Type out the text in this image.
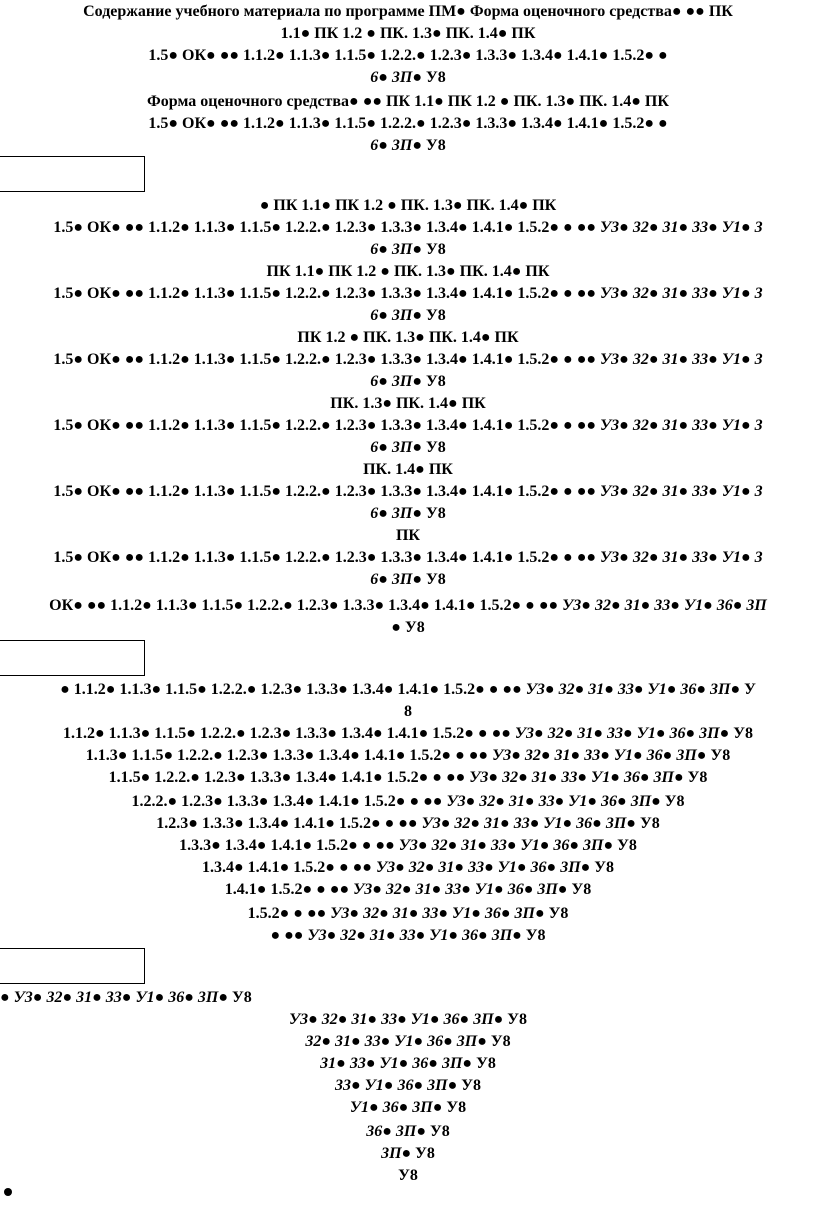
Содержание учебного материала по программе ПМ● Форма оценочного средства● ●● ПК
1.1● ПК 1.2 ● ПК. 1.3● ПК. 1.4● ПК
1.5● ОК● ●● 1.1.2● 1.1.3● 1.1.5● 1.2.2.● 1.2.3● 1.3.3● 1.3.4● 1.4.1● 1.5.2● ●
6● 3П● У8
Форма оценочного средства● ●● ПК 1.1● ПК 1.2 ● ПК. 1.3● ПК. 1.4● ПК
1.5● ОК● ●● 1.1.2● 1.1.3● 1.1.5● 1.2.2.● 1.2.3● 1.3.3● 1.3.4● 1.4.1● 1.5.2● ●
6● 3П● У8
● ПК 1.1● ПК 1.2 ● ПК. 1.3● ПК. 1.4● ПК
1.5● ОК● ●● 1.1.2● 1.1.3● 1.1.5● 1.2.2.● 1.2.3● 1.3.3● 1.3.4● 1.4.1● 1.5.2● ● ●● У3● 32● 31● 33● У1● 3
6● 3П● У8
ПК 1.1● ПК 1.2 ● ПК. 1.3● ПК. 1.4● ПК
1.5● ОК● ●● 1.1.2● 1.1.3● 1.1.5● 1.2.2.● 1.2.3● 1.3.3● 1.3.4● 1.4.1● 1.5.2● ● ●● У3● 32● 31● 33● У1● 3
6● 3П● У8
ПК 1.2 ● ПК. 1.3● ПК. 1.4● ПК
1.5● ОК● ●● 1.1.2● 1.1.3● 1.1.5● 1.2.2.● 1.2.3● 1.3.3● 1.3.4● 1.4.1● 1.5.2● ● ●● У3● 32● 31● 33● У1● 3
6● 3П● У8
ПК. 1.3● ПК. 1.4● ПК
1.5● ОК● ●● 1.1.2● 1.1.3● 1.1.5● 1.2.2.● 1.2.3● 1.3.3● 1.3.4● 1.4.1● 1.5.2● ● ●● У3● 32● 31● 33● У1● 3
6● 3П● У8
ПК. 1.4● ПК
1.5● ОК● ●● 1.1.2● 1.1.3● 1.1.5● 1.2.2.● 1.2.3● 1.3.3● 1.3.4● 1.4.1● 1.5.2● ● ●● У3● 32● 31● 33● У1● 3
6● 3П● У8
ПК
1.5● ОК● ●● 1.1.2● 1.1.3● 1.1.5● 1.2.2.● 1.2.3● 1.3.3● 1.3.4● 1.4.1● 1.5.2● ● ●● У3● 32● 31● 33● У1● 3
6● 3П● У8
ОК● ●● 1.1.2● 1.1.3● 1.1.5● 1.2.2.● 1.2.3● 1.3.3● 1.3.4● 1.4.1● 1.5.2● ● ●● У3● 32● 31● 33● У1● 36● 3П
● У8
● 1.1.2● 1.1.3● 1.1.5● 1.2.2.● 1.2.3● 1.3.3● 1.3.4● 1.4.1● 1.5.2● ● ●● У3● 32● 31● 33● У1● 36● 3П● У
8
1.1.2● 1.1.3● 1.1.5● 1.2.2.● 1.2.3● 1.3.3● 1.3.4● 1.4.1● 1.5.2● ● ●● У3● 32● 31● 33● У1● 36● 3П● У8
1.1.3● 1.1.5● 1.2.2.● 1.2.3● 1.3.3● 1.3.4● 1.4.1● 1.5.2● ● ●● У3● 32● 31● 33● У1● 36● 3П● У8
1.1.5● 1.2.2.● 1.2.3● 1.3.3● 1.3.4● 1.4.1● 1.5.2● ● ●● У3● 32● 31● 33● У1● 36● 3П● У8
1.2.2.● 1.2.3● 1.3.3● 1.3.4● 1.4.1● 1.5.2● ● ●● У3● 32● 31● 33● У1● 36● 3П● У8
1.2.3● 1.3.3● 1.3.4● 1.4.1● 1.5.2● ● ●● У3● 32● 31● 33● У1● 36● 3П● У8
1.3.3● 1.3.4● 1.4.1● 1.5.2● ● ●● У3● 32● 31● 33● У1● 36● 3П● У8
1.3.4● 1.4.1● 1.5.2● ● ●● У3● 32● 31● 33● У1● 36● 3П● У8
1.4.1● 1.5.2● ● ●● У3● 32● 31● 33● У1● 36● 3П● У8
1.5.2● ● ●● У3● 32● 31● 33● У1● 36● 3П● У8
● ●● У3● 32● 31● 33● У1● 36● 3П● У8
● У3● 32● 31● 33● У1● 36● 3П● У8
У3● 32● 31● 33● У1● 36● 3П● У8
32● 31● 33● У1● 36● 3П● У8
31● 33● У1● 36● 3П● У8
33● У1● 36● 3П● У8
У1● 36● 3П● У8
36● 3П● У8
3П● У8
У8
